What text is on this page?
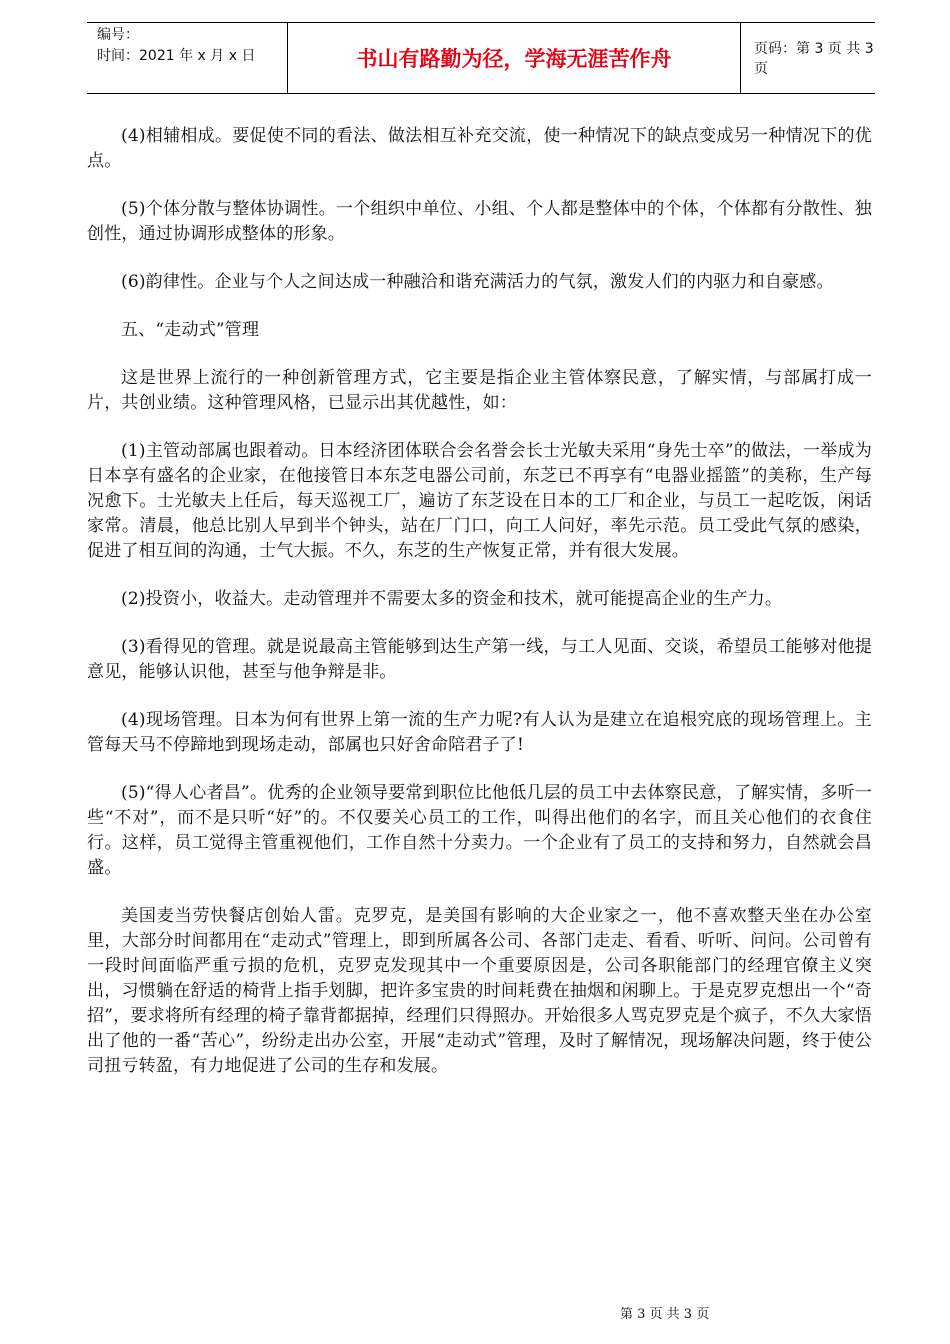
编号：
时间：2021 年 x 月 x 日	书山有路勤为径，学海无涯苦作舟	页码：第 3 页 共 3 页

(4)相辅相成。要促使不同的看法、做法相互补充交流，使一种情况下的缺点变成另一种情况下的优点。

(5)个体分散与整体协调性。一个组织中单位、小组、个人都是整体中的个体，个体都有分散性、独创性，通过协调形成整体的形象。

(6)韵律性。企业与个人之间达成一种融洽和谐充满活力的气氛，激发人们的内驱力和自豪感。

五、“走动式”管理

这是世界上流行的一种创新管理方式，它主要是指企业主管体察民意，了解实情，与部属打成一片，共创业绩。这种管理风格，已显示出其优越性，如：

(1)主管动部属也跟着动。日本经济团体联合会名誉会长士光敏夫采用“身先士卒”的做法，一举成为日本享有盛名的企业家，在他接管日本东芝电器公司前，东芝已不再享有“电器业摇篮”的美称，生产每况愈下。士光敏夫上任后，每天巡视工厂，遍访了东芝设在日本的工厂和企业，与员工一起吃饭，闲话家常。清晨，他总比别人早到半个钟头，站在厂门口，向工人问好，率先示范。员工受此气氛的感染，促进了相互间的沟通，士气大振。不久，东芝的生产恢复正常，并有很大发展。

(2)投资小，收益大。走动管理并不需要太多的资金和技术，就可能提高企业的生产力。

(3)看得见的管理。就是说最高主管能够到达生产第一线，与工人见面、交谈，希望员工能够对他提意见，能够认识他，甚至与他争辩是非。

(4)现场管理。日本为何有世界上第一流的生产力呢?有人认为是建立在追根究底的现场管理上。主管每天马不停蹄地到现场走动，部属也只好舍命陪君子了!

(5)“得人心者昌”。优秀的企业领导要常到职位比他低几层的员工中去体察民意，了解实情，多听一些“不对”，而不是只听“好”的。不仅要关心员工的工作，叫得出他们的名字，而且关心他们的衣食住行。这样，员工觉得主管重视他们，工作自然十分卖力。一个企业有了员工的支持和努力，自然就会昌盛。

美国麦当劳快餐店创始人雷。克罗克，是美国有影响的大企业家之一，他不喜欢整天坐在办公室里，大部分时间都用在“走动式”管理上，即到所属各公司、各部门走走、看看、听听、问问。公司曾有一段时间面临严重亏损的危机，克罗克发现其中一个重要原因是，公司各职能部门的经理官僚主义突出，习惯躺在舒适的椅背上指手划脚，把许多宝贵的时间耗费在抽烟和闲聊上。于是克罗克想出一个“奇招”，要求将所有经理的椅子靠背都据掉，经理们只得照办。开始很多人骂克罗克是个疯子，不久大家悟出了他的一番“苦心”，纷纷走出办公室，开展“走动式”管理，及时了解情况，现场解决问题，终于使公司扭亏转盈，有力地促进了公司的生存和发展。

第 3 页 共 3 页
